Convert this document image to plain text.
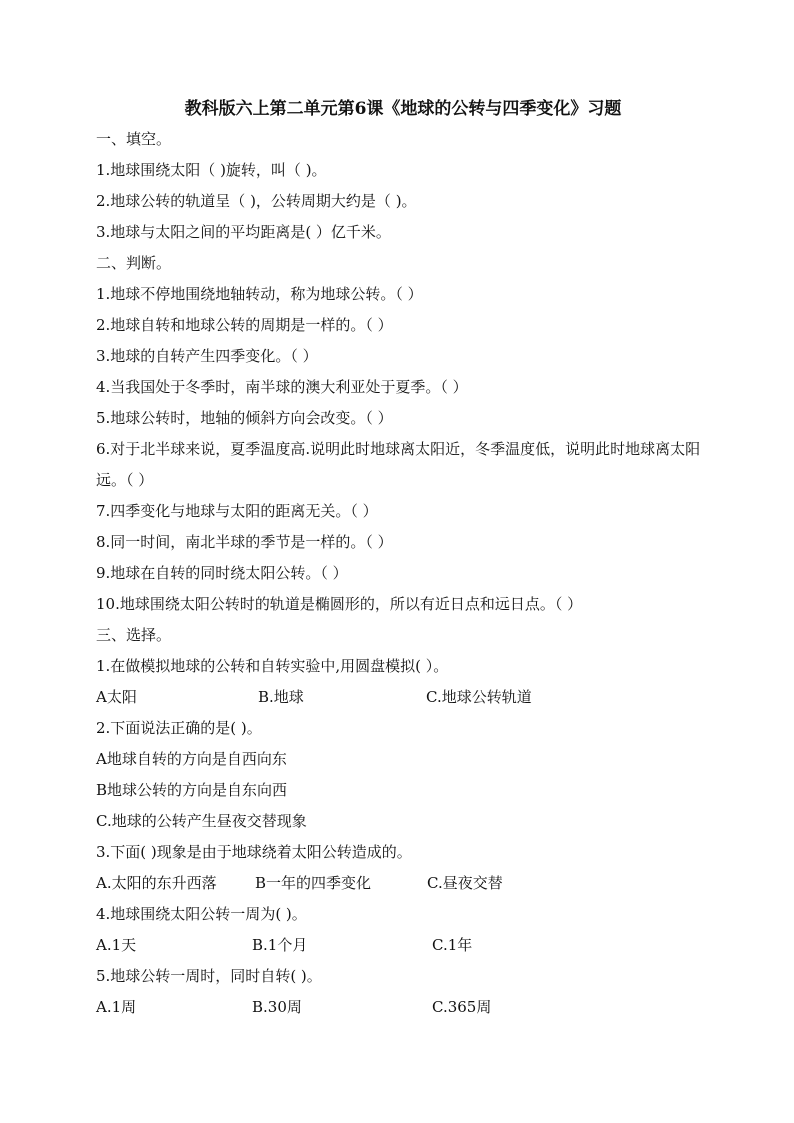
教科版六上第二单元第6课《地球的公转与四季变化》习题
一、填空。
1.地球围绕太阳（ )旋转，叫（ )。
2.地球公转的轨道呈（ )，公转周期大约是（ )。
3.地球与太阳之间的平均距离是( ）亿千米。
二、判断。
1.地球不停地围绕地轴转动，称为地球公转。（ ）
2.地球自转和地球公转的周期是一样的。（ ）
3.地球的自转产生四季变化。（ ）
4.当我国处于冬季时，南半球的澳大利亚处于夏季。（ ）
5.地球公转时，地轴的倾斜方向会改变。（ ）
6.对于北半球来说，夏季温度高.说明此时地球离太阳近，冬季温度低，说明此时地球离太阳远。（ ）
7.四季变化与地球与太阳的距离无关。（ ）
8.同一时间，南北半球的季节是一样的。（ ）
9.地球在自转的同时绕太阳公转。（ ）
10.地球围绕太阳公转时的轨道是椭圆形的，所以有近日点和远日点。（ ）
三、选择。
1.在做模拟地球的公转和自转实验中,用圆盘模拟( ）。
A太阳	B.地球	C.地球公转轨道
2.下面说法正确的是( )。
A地球自转的方向是自西向东
B地球公转的方向是自东向西
C.地球的公转产生昼夜交替现象
3.下面( )现象是由于地球绕着太阳公转造成的。
A.太阳的东升西落	B一年的四季变化	C.昼夜交替
4.地球围绕太阳公转一周为( )。
A.1天	B.1个月	C.1年
5.地球公转一周时，同时自转( )。
A.1周	B.30周	C.365周
